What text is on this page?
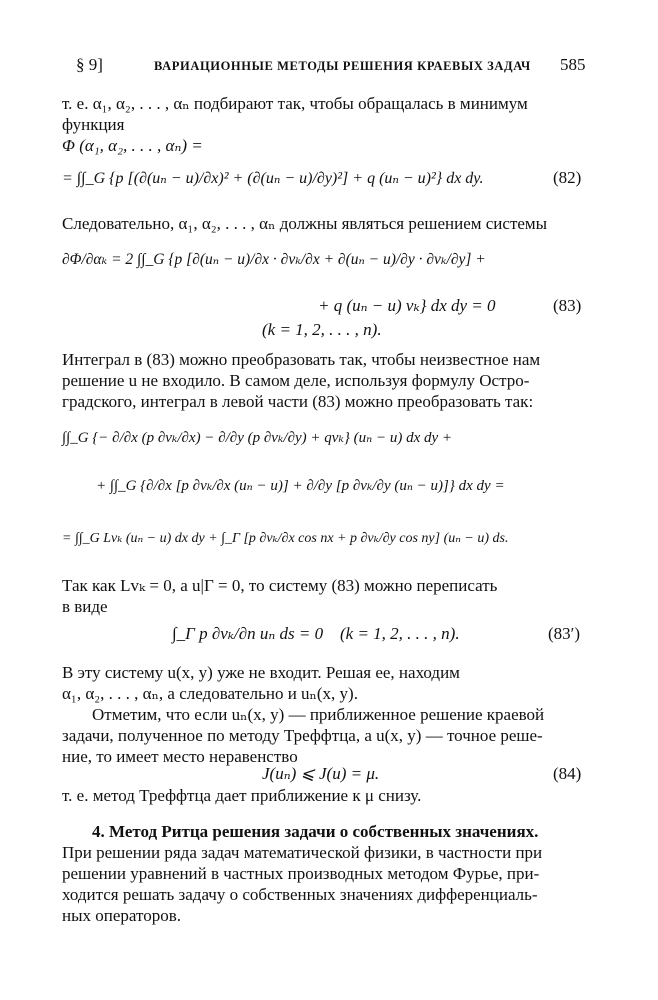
§ 9]	ВАРИАЦИОННЫЕ МЕТОДЫ РЕШЕНИЯ КРАЕВЫХ ЗАДАЧ 585
т. е. α₁, α₂, . . . , αₙ подбирают так, чтобы обращалась в минимум
функция
Φ (α₁, α₂, . . . , αₙ) =
= ∫∫_G {p [(∂(uₙ − u)/∂x)² + (∂(uₙ − u)/∂y)²] + q (uₙ − u)²} dx dy.	(82)
Следовательно, α₁, α₂, . . . , αₙ должны являться решением системы
∂Φ/∂αₖ = 2 ∫∫_G {p [∂(uₙ − u)/∂x · ∂vₖ/∂x + ∂(uₙ − u)/∂y · ∂vₖ/∂y] +
+ q (uₙ − u) vₖ} dx dy = 0	(83)
(k = 1, 2, . . . , n).
Интеграл в (83) можно преобразовать так, чтобы неизвестное нам
решение u не входило. В самом деле, используя формулу Остро-
градского, интеграл в левой части (83) можно преобразовать так:
∫∫_G {− ∂/∂x (p ∂vₖ/∂x) − ∂/∂y (p ∂vₖ/∂y) + qvₖ} (uₙ − u) dx dy +
+ ∫∫_G {∂/∂x [p ∂vₖ/∂x (uₙ − u)] + ∂/∂y [p ∂vₖ/∂y (uₙ − u)]} dx dy =
= ∫∫_G Lvₖ (uₙ − u) dx dy + ∫_Γ [p ∂vₖ/∂x cos nx + p ∂vₖ/∂y cos ny] (uₙ − u) ds.
Так как Lvₖ = 0, а u|Γ = 0, то систему (83) можно переписать
в виде
∫_Γ p ∂vₖ/∂n uₙ ds = 0 (k = 1, 2, . . . , n).	(83′)
В эту систему u(x, y) уже не входит. Решая ее, находим
α₁, α₂, . . . , αₙ, а следовательно и uₙ(x, y).
Отметим, что если uₙ(x, y) — приближенное решение краевой
задачи, полученное по методу Треффтца, а u(x, y) — точное реше-
ние, то имеет место неравенство
J(uₙ) ⩽ J(u) = μ.	(84)
т. е. метод Треффтца дает приближение к μ снизу.
4. Метод Ритца решения задачи о собственных значениях.
При решении ряда задач математической физики, в частности при
решении уравнений в частных производных методом Фурье, при-
ходится решать задачу о собственных значениях дифференциаль-
ных операторов.
